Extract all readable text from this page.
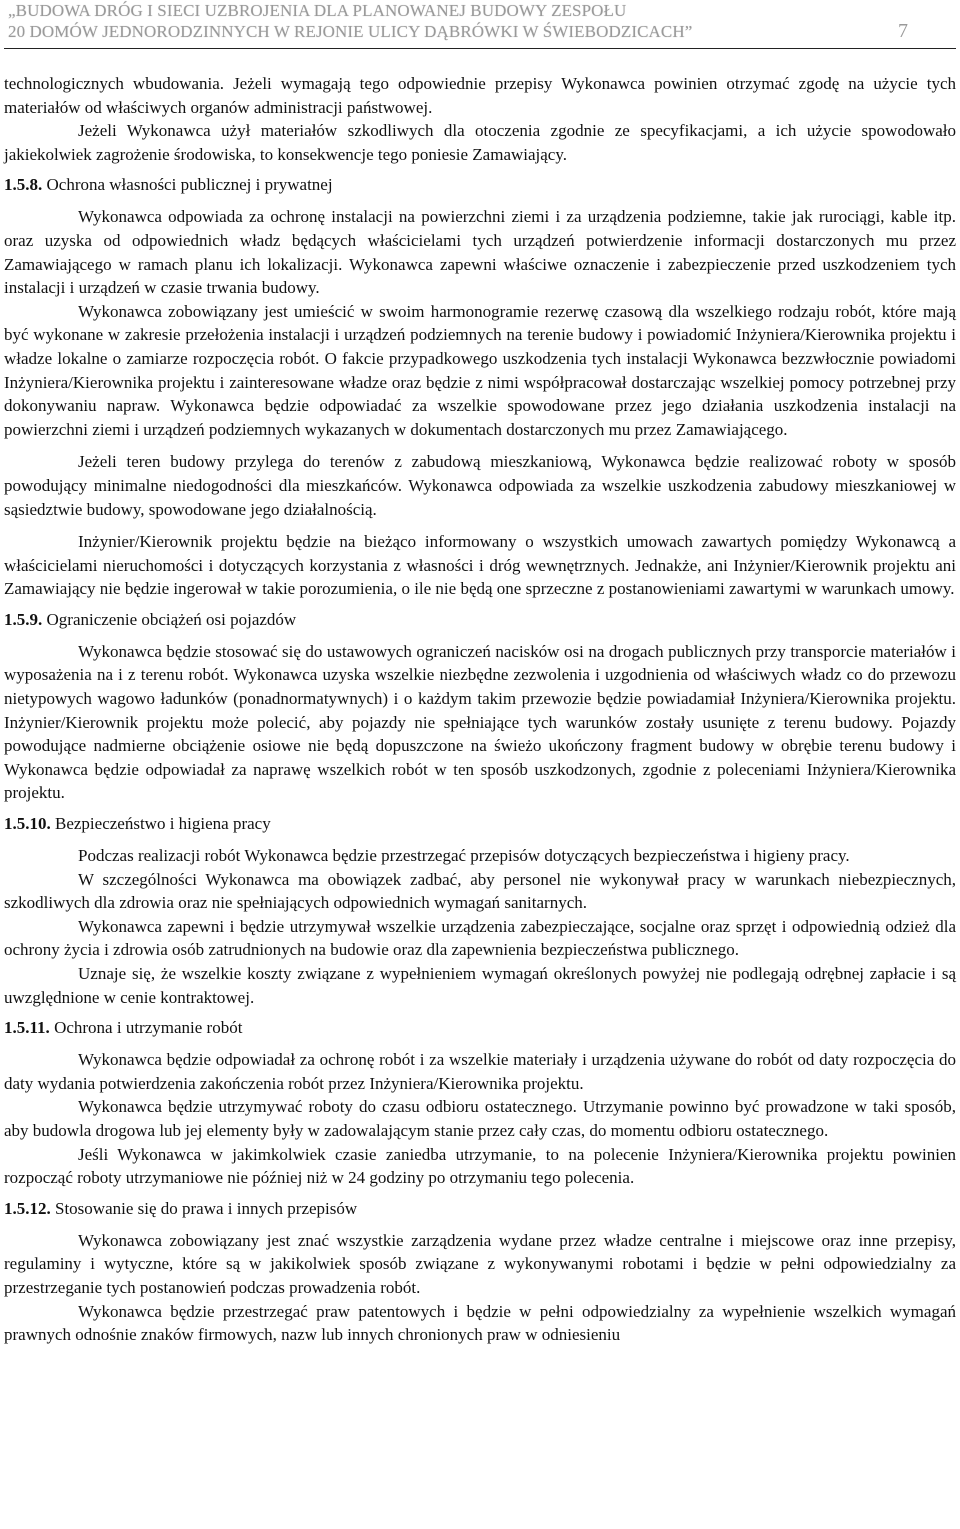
„BUDOWA DRÓG I SIECI UZBROJENIA DLA PLANOWANEJ BUDOWY ZESPOŁU
20 DOMÓW JEDNORODZINNYCH W REJONIE ULICY DĄBRÓWKI W ŚWIEBODZICACH”	7

technologicznych wbudowania. Jeżeli wymagają tego odpowiednie przepisy Wykonawca powinien otrzymać zgodę na użycie tych materiałów od właściwych organów administracji państwowej.

Jeżeli Wykonawca użył materiałów szkodliwych dla otoczenia zgodnie ze specyfikacjami, a ich użycie spowodowało jakiekolwiek zagrożenie środowiska, to konsekwencje tego poniesie Zamawiający.

1.5.8. Ochrona własności publicznej i prywatnej

Wykonawca odpowiada za ochronę instalacji na powierzchni ziemi i za urządzenia podziemne, takie jak rurociągi, kable itp. oraz uzyska od odpowiednich władz będących właścicielami tych urządzeń potwierdzenie informacji dostarczonych mu przez Zamawiającego w ramach planu ich lokalizacji. Wykonawca zapewni właściwe oznaczenie i zabezpieczenie przed uszkodzeniem tych instalacji i urządzeń w czasie trwania budowy.

Wykonawca zobowiązany jest umieścić w swoim harmonogramie rezerwę czasową dla wszelkiego rodzaju robót, które mają być wykonane w zakresie przełożenia instalacji i urządzeń podziemnych na terenie budowy i powiadomić Inżyniera/Kierownika projektu i władze lokalne o zamiarze rozpoczęcia robót. O fakcie przypadkowego uszkodzenia tych instalacji Wykonawca bezzwłocznie powiadomi Inżyniera/Kierownika projektu i zainteresowane władze oraz będzie z nimi współpracował dostarczając wszelkiej pomocy potrzebnej przy dokonywaniu napraw. Wykonawca będzie odpowiadać za wszelkie spowodowane przez jego działania uszkodzenia instalacji na powierzchni ziemi i urządzeń podziemnych wykazanych w dokumentach dostarczonych mu przez Zamawiającego.

Jeżeli teren budowy przylega do terenów z zabudową mieszkaniową, Wykonawca będzie realizować roboty w sposób powodujący minimalne niedogodności dla mieszkańców. Wykonawca odpowiada za wszelkie uszkodzenia zabudowy mieszkaniowej w sąsiedztwie budowy, spowodowane jego działalnością.

Inżynier/Kierownik projektu będzie na bieżąco informowany o wszystkich umowach zawartych pomiędzy Wykonawcą a właścicielami nieruchomości i dotyczących korzystania z własności i dróg wewnętrznych. Jednakże, ani Inżynier/Kierownik projektu ani Zamawiający nie będzie ingerował w takie porozumienia, o ile nie będą one sprzeczne z postanowieniami zawartymi w warunkach umowy.

1.5.9. Ograniczenie obciążeń osi pojazdów

Wykonawca będzie stosować się do ustawowych ograniczeń nacisków osi na drogach publicznych przy transporcie materiałów i wyposażenia na i z terenu robót. Wykonawca uzyska wszelkie niezbędne zezwolenia i uzgodnienia od właściwych władz co do przewozu nietypowych wagowo ładunków (ponadnormatywnych) i o każdym takim przewozie będzie powiadamiał Inżyniera/Kierownika projektu. Inżynier/Kierownik projektu może polecić, aby pojazdy nie spełniające tych warunków zostały usunięte z terenu budowy. Pojazdy powodujące nadmierne obciążenie osiowe nie będą dopuszczone na świeżo ukończony fragment budowy w obrębie terenu budowy i Wykonawca będzie odpowiadał za naprawę wszelkich robót w ten sposób uszkodzonych, zgodnie z poleceniami Inżyniera/Kierownika projektu.

1.5.10. Bezpieczeństwo i higiena pracy

Podczas realizacji robót Wykonawca będzie przestrzegać przepisów dotyczących bezpieczeństwa i higieny pracy.

W szczególności Wykonawca ma obowiązek zadbać, aby personel nie wykonywał pracy w warunkach niebezpiecznych, szkodliwych dla zdrowia oraz nie spełniających odpowiednich wymagań sanitarnych.

Wykonawca zapewni i będzie utrzymywał wszelkie urządzenia zabezpieczające, socjalne oraz sprzęt i odpowiednią odzież dla ochrony życia i zdrowia osób zatrudnionych na budowie oraz dla zapewnienia bezpieczeństwa publicznego.

Uznaje się, że wszelkie koszty związane z wypełnieniem wymagań określonych powyżej nie podlegają odrębnej zapłacie i są uwzględnione w cenie kontraktowej.

1.5.11. Ochrona i utrzymanie robót

Wykonawca będzie odpowiadał za ochronę robót i za wszelkie materiały i urządzenia używane do robót od daty rozpoczęcia do daty wydania potwierdzenia zakończenia robót przez Inżyniera/Kierownika projektu.

Wykonawca będzie utrzymywać roboty do czasu odbioru ostatecznego. Utrzymanie powinno być prowadzone w taki sposób, aby budowla drogowa lub jej elementy były w zadowalającym stanie przez cały czas, do momentu odbioru ostatecznego.

Jeśli Wykonawca w jakimkolwiek czasie zaniedba utrzymanie, to na polecenie Inżyniera/Kierownika projektu powinien rozpocząć roboty utrzymaniowe nie później niż w 24 godziny po otrzymaniu tego polecenia.

1.5.12. Stosowanie się do prawa i innych przepisów

Wykonawca zobowiązany jest znać wszystkie zarządzenia wydane przez władze centralne i miejscowe oraz inne przepisy, regulaminy i wytyczne, które są w jakikolwiek sposób związane z wykonywanymi robotami i będzie w pełni odpowiedzialny za przestrzeganie tych postanowień podczas prowadzenia robót.

Wykonawca będzie przestrzegać praw patentowych i będzie w pełni odpowiedzialny za wypełnienie wszelkich wymagań prawnych odnośnie znaków firmowych, nazw lub innych chronionych praw w odniesieniu
